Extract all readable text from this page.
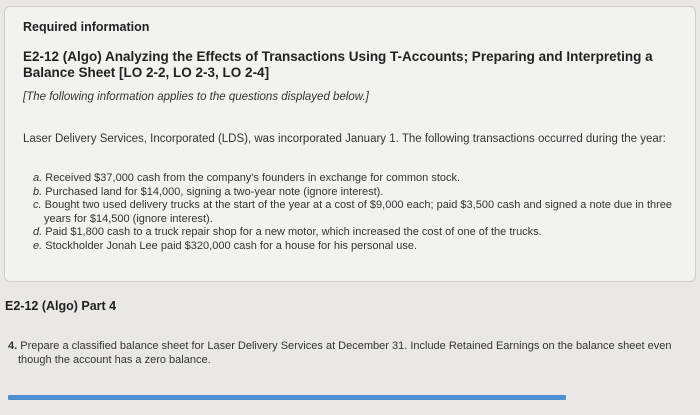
Required information
E2-12 (Algo) Analyzing the Effects of Transactions Using T-Accounts; Preparing and Interpreting a Balance Sheet [LO 2-2, LO 2-3, LO 2-4]
[The following information applies to the questions displayed below.]
Laser Delivery Services, Incorporated (LDS), was incorporated January 1. The following transactions occurred during the year:
a. Received $37,000 cash from the company's founders in exchange for common stock.
b. Purchased land for $14,000, signing a two-year note (ignore interest).
c. Bought two used delivery trucks at the start of the year at a cost of $9,000 each; paid $3,500 cash and signed a note due in three years for $14,500 (ignore interest).
d. Paid $1,800 cash to a truck repair shop for a new motor, which increased the cost of one of the trucks.
e. Stockholder Jonah Lee paid $320,000 cash for a house for his personal use.
E2-12 (Algo) Part 4
4. Prepare a classified balance sheet for Laser Delivery Services at December 31. Include Retained Earnings on the balance sheet even though the account has a zero balance.
